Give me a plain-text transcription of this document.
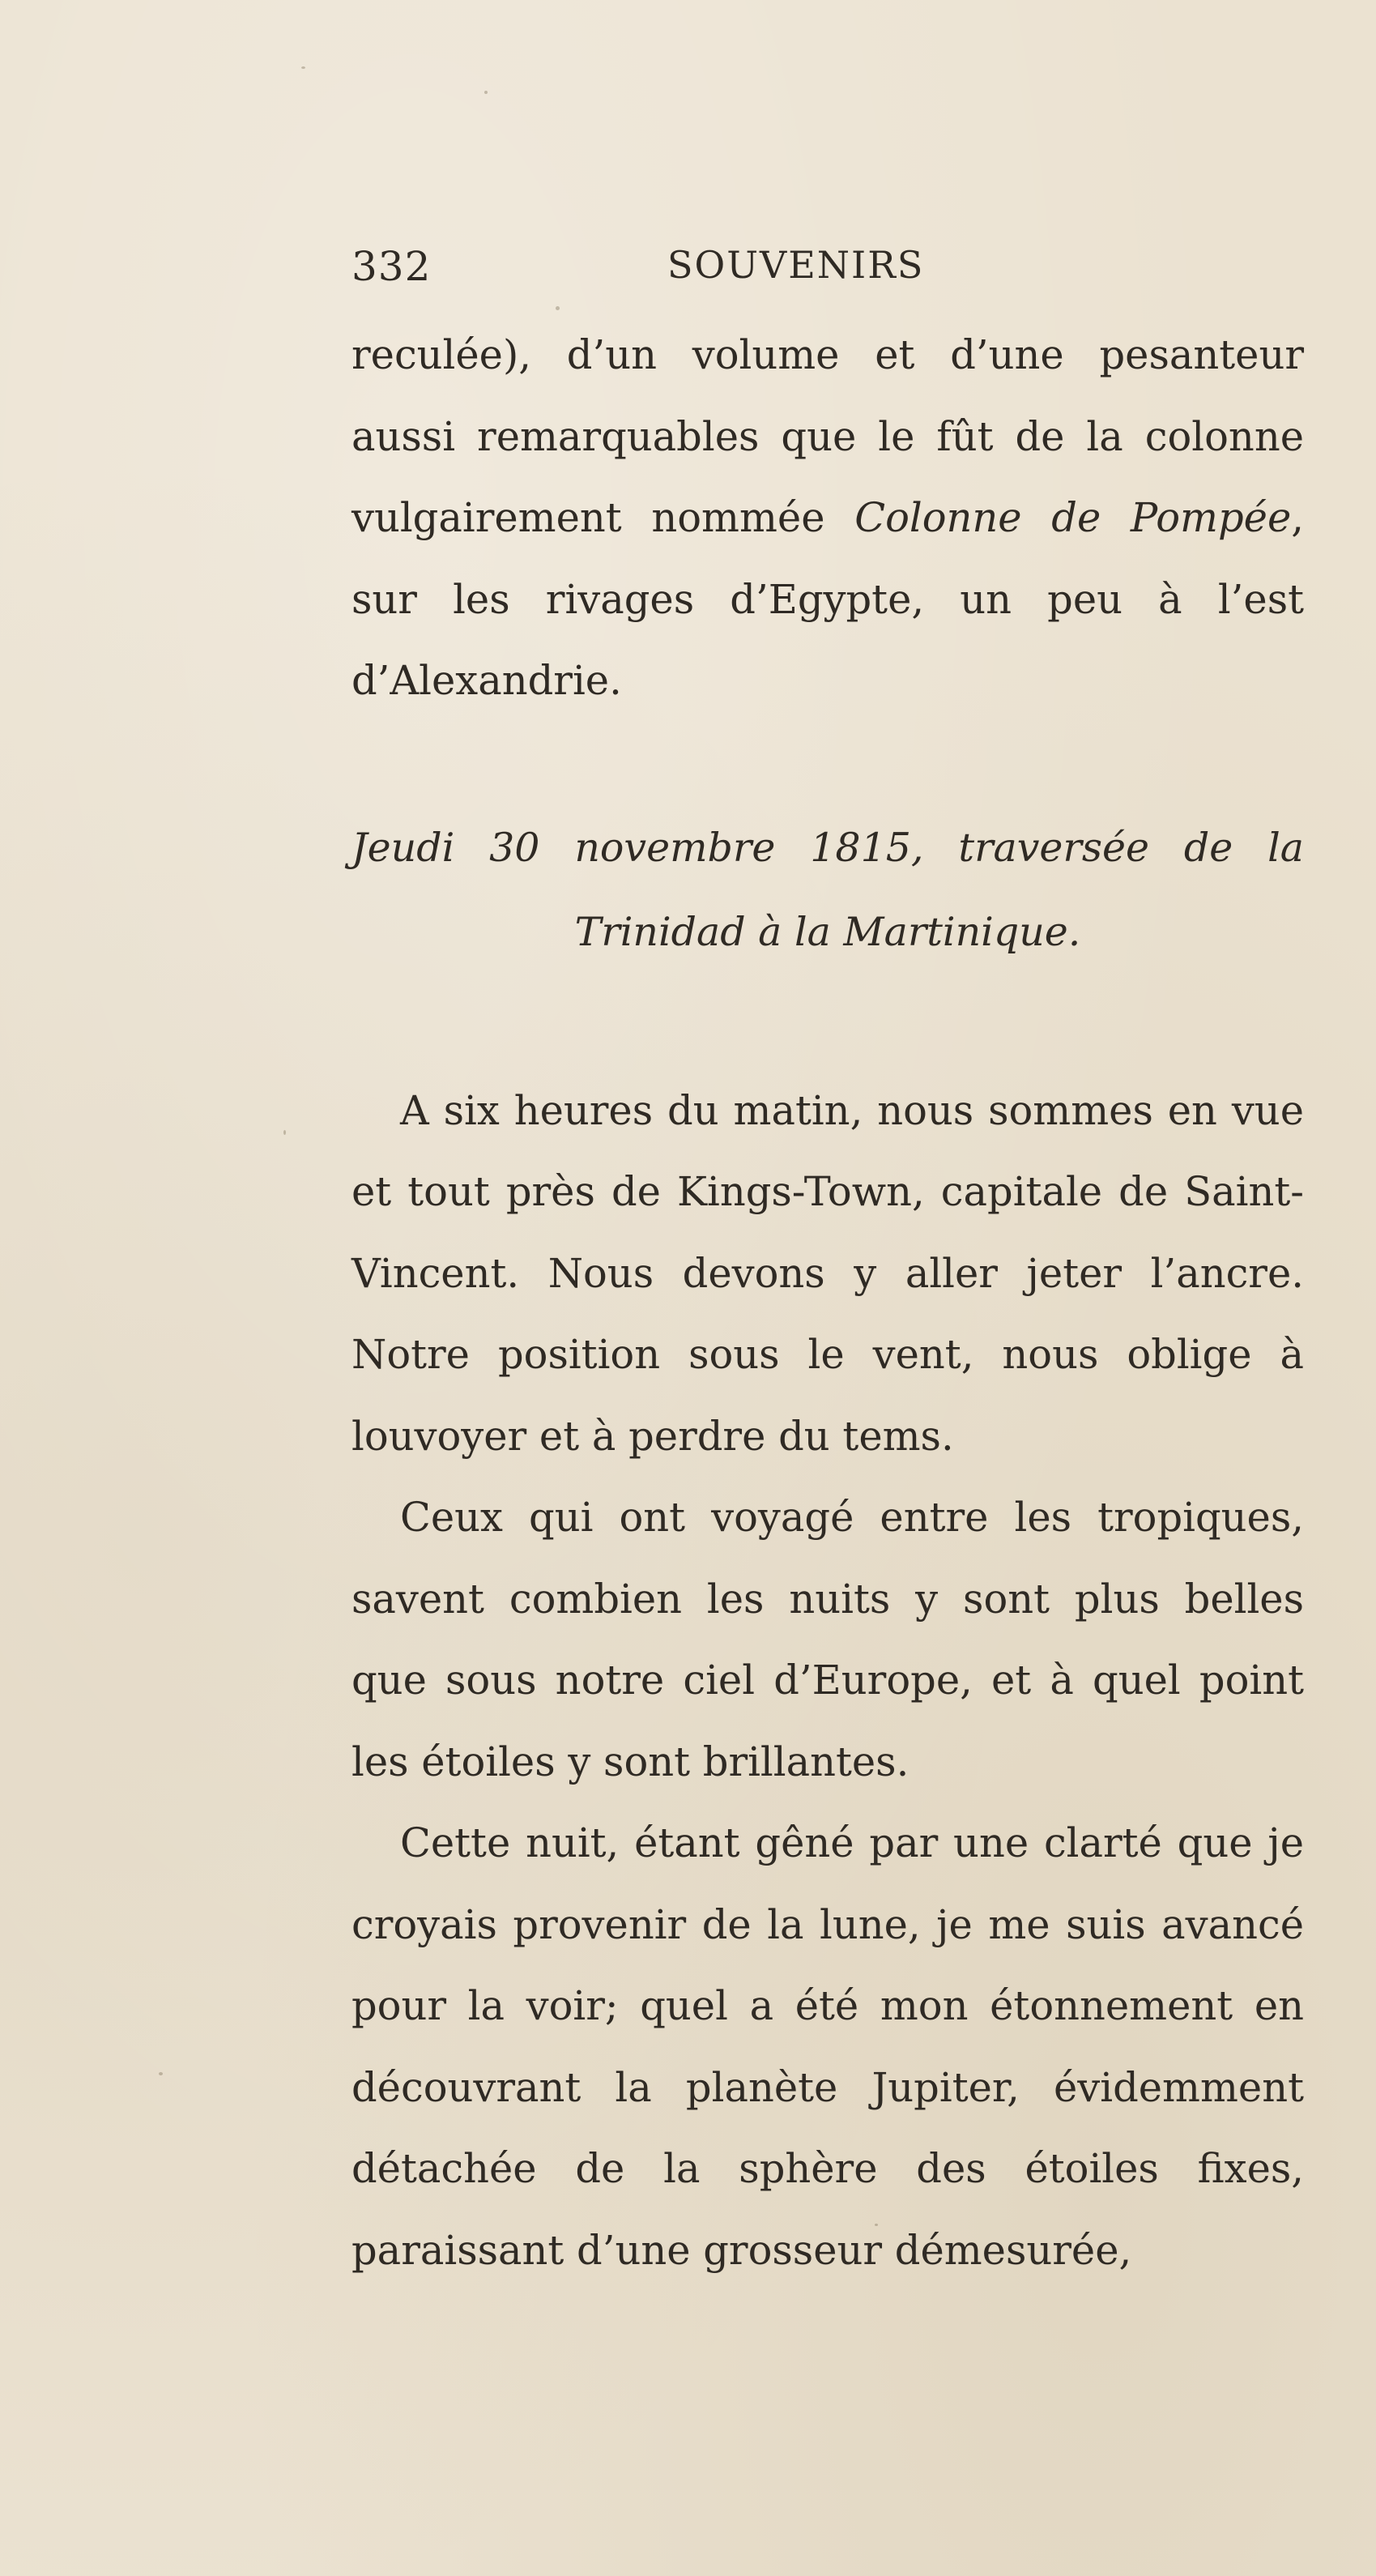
332	SOUVENIRS

reculée), d’un volume et d’une pesanteur aussi remarquables que le fût de la colonne vulgairement nommée Colonne de Pompée, sur les rivages d’Egypte, un peu à l’est d’Alexandrie.

Jeudi 30 novembre 1815, traversée de la
Trinidad à la Martinique.

A six heures du matin, nous sommes en vue et tout près de Kings-Town, capitale de Saint-Vincent. Nous devons y aller jeter l’ancre. Notre position sous le vent, nous oblige à louvoyer et à perdre du tems.

Ceux qui ont voyagé entre les tropiques, savent combien les nuits y sont plus belles que sous notre ciel d’Europe, et à quel point les étoiles y sont brillantes.

Cette nuit, étant gêné par une clarté que je croyais provenir de la lune, je me suis avancé pour la voir; quel a été mon étonnement en découvrant la planète Jupiter, évidemment détachée de la sphère des étoiles fixes, paraissant d’une grosseur démesurée,
